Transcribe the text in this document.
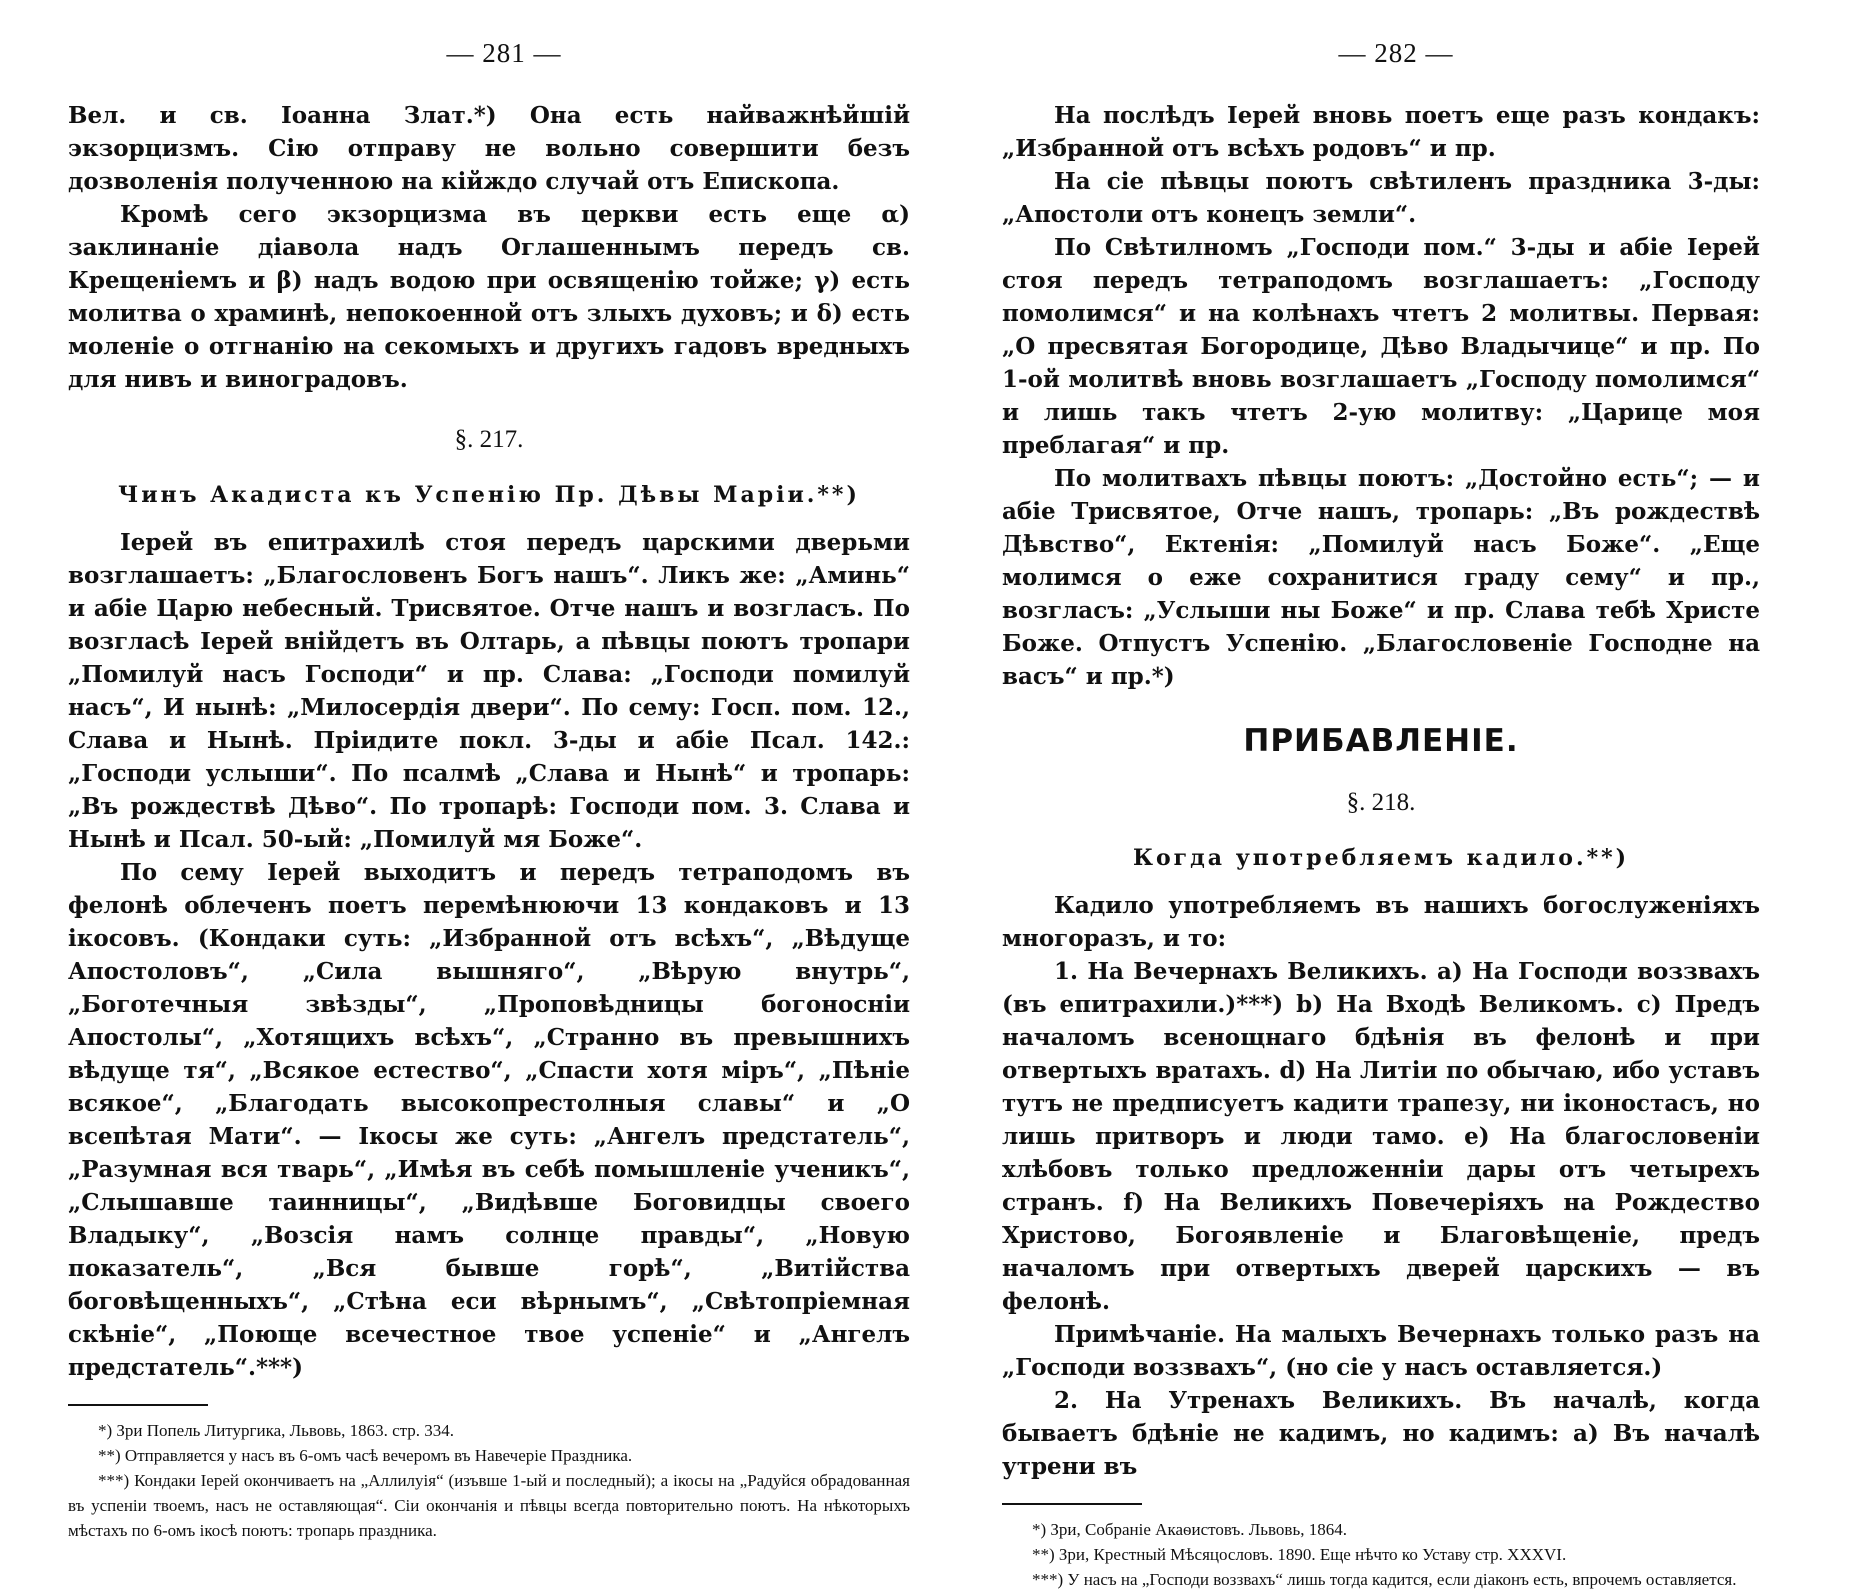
— 281 —

Вел. и св. Іоанна Злат.*) Она есть найважнѣйшій экзорцизмъ. Сію отправу не вольно совершити безъ дозволенія полученною на кійждо случай отъ Епископа.

Кромѣ сего экзорцизма въ церкви есть еще α) заклинаніе діавола надъ Оглашеннымъ передъ св. Крещеніемъ и β) надъ водою при освященію тойже; γ) есть молитва о храминѣ, непокоенной отъ злыхъ духовъ; и δ) есть моленіе о отгнанію на секомыхъ и другихъ гадовъ вредныхъ для нивъ и виноградовъ.

§. 217.
Чинъ Акадиста къ Успенію Пр. Дѣвы Маріи.**)

Іерей въ епитрахилѣ стоя передъ царскими дверьми возглашаетъ: „Благословенъ Богъ нашъ“. Ликъ же: „Аминь“ и абіе Царю небесный. Трисвятое. Отче нашъ и возгласъ. По возгласѣ Іерей внійдетъ въ Олтарь, а пѣвцы поютъ тропари „Помилуй насъ Господи“ и пр. Слава: „Господи помилуй насъ“, И нынѣ: „Милосердія двери“. По сему: Госп. пом. 12., Слава и Нынѣ. Пріидите покл. 3-ды и абіе Псал. 142.: „Господи услыши“. По псалмѣ „Слава и Нынѣ“ и тропарь: „Въ рождествѣ Дѣво“. По тропарѣ: Господи пом. 3. Слава и Нынѣ и Псал. 50-ый: „Помилуй мя Боже“.

По сему Іерей выходитъ и передъ тетраподомъ въ фелонѣ облеченъ поетъ перемѣнюючи 13 кондаковъ и 13 ікосовъ. (Кондаки суть: „Избранной отъ всѣхъ“, „Вѣдуще Апостоловъ“, „Сила вышняго“, „Вѣрую внутрь“, „Боготечныя звѣзды“, „Проповѣдницы богоносніи Апостолы“, „Хотящихъ всѣхъ“, „Странно въ превышнихъ вѣдуще тя“, „Всякое естество“, „Спасти хотя міръ“, „Пѣніе всякое“, „Благодать высокопрестолныя славы“ и „О всепѣтая Мати“. — Ікосы же суть: „Ангелъ предстатель“, „Разумная вся тварь“, „Имѣя въ себѣ помышленіе ученикъ“, „Слышавше таинницы“, „Видѣвше Боговидцы своего Владыку“, „Возсія намъ солнце правды“, „Новую показатель“, „Вся бывше горѣ“, „Витійства боговѣщенныхъ“, „Стѣна еси вѣрнымъ“, „Свѣтопріемная скѣніе“, „Поюще всечестное твое успеніе“ и „Ангелъ предстатель“.***)

*) Зри Попель Литургика, Львовь, 1863. стр. 334.

**) Отправляется у насъ въ 6-омъ часѣ вечеромъ въ Навечеріе Праздника.

***) Кондаки Іерей окончиваетъ на „Аллилуія“ (изъвше 1-ый и последный); а ікосы на „Радуйся обрадованная въ успеніи твоемъ, насъ не оставляющая“. Сіи окончанія и пѣвцы всегда повторительно поютъ. На нѣкоторыхъ мѣстахъ по 6-омъ ікосѣ поютъ: тропарь праздника.

— 282 —

На послѣдъ Іерей вновь поетъ еще разъ кондакъ: „Избранной отъ всѣхъ родовъ“ и пр.

На сіе пѣвцы поютъ свѣтиленъ праздника 3-ды: „Апостоли отъ конецъ земли“.

По Свѣтилномъ „Господи пом.“ 3-ды и абіе Іерей стоя передъ тетраподомъ возглашаетъ: „Господу помолимся“ и на колѣнахъ чтетъ 2 молитвы. Первая: „О пресвятая Богородице, Дѣво Владычице“ и пр. По 1-ой молитвѣ вновь возглашаетъ „Господу помолимся“ и лишь такъ чтетъ 2-ую молитву: „Царице моя преблагая“ и пр.

По молитвахъ пѣвцы поютъ: „Достойно есть“; — и абіе Трисвятое, Отче нашъ, тропарь: „Въ рождествѣ Дѣвство“, Ектенія: „Помилуй насъ Боже“. „Еще молимся о еже сохранитися граду сему“ и пр., возгласъ: „Услыши ны Боже“ и пр. Слава тебѣ Христе Боже. Отпустъ Успенію. „Благословеніе Господне на васъ“ и пр.*)

ПРИБАВЛЕНІЕ.
§. 218.
Когда употребляемъ кадило.**)

Кадило употребляемъ въ нашихъ богослуженіяхъ многоразъ, и то:

1. На Вечернахъ Великихъ. a) На Господи воззвахъ (въ епитрахили.)***) b) На Входѣ Великомъ. c) Предъ началомъ всенощнаго бдѣнія въ фелонѣ и при отвертыхъ вратахъ. d) На Литіи по обычаю, ибо уставъ тутъ не предписуетъ кадити трапезу, ни іконостасъ, но лишь притворъ и люди тамо. e) На благословеніи хлѣбовъ только предложенніи дары отъ четырехъ странъ. f) На Великихъ Повечеріяхъ на Рождество Христово, Богоявленіе и Благовѣщеніе, предъ началомъ при отвертыхъ дверей царскихъ — въ фелонѣ.

Примѣчаніе. На малыхъ Вечернахъ только разъ на „Господи воззвахъ“, (но сіе у насъ оставляется.)

2. На Утренахъ Великихъ. Въ началѣ, когда бываетъ бдѣніе не кадимъ, но кадимъ: a) Въ началѣ утрени въ

*) Зри, Собраніе Акаѳистовъ. Львовь, 1864.

**) Зри, Крестный Мѣсяцословъ. 1890. Еще нѣчто ко Уставу стр. XXXVI.

***) У насъ на „Господи воззвахъ“ лишь тогда кадится, если діаконъ есть, впрочемъ оставляется.
